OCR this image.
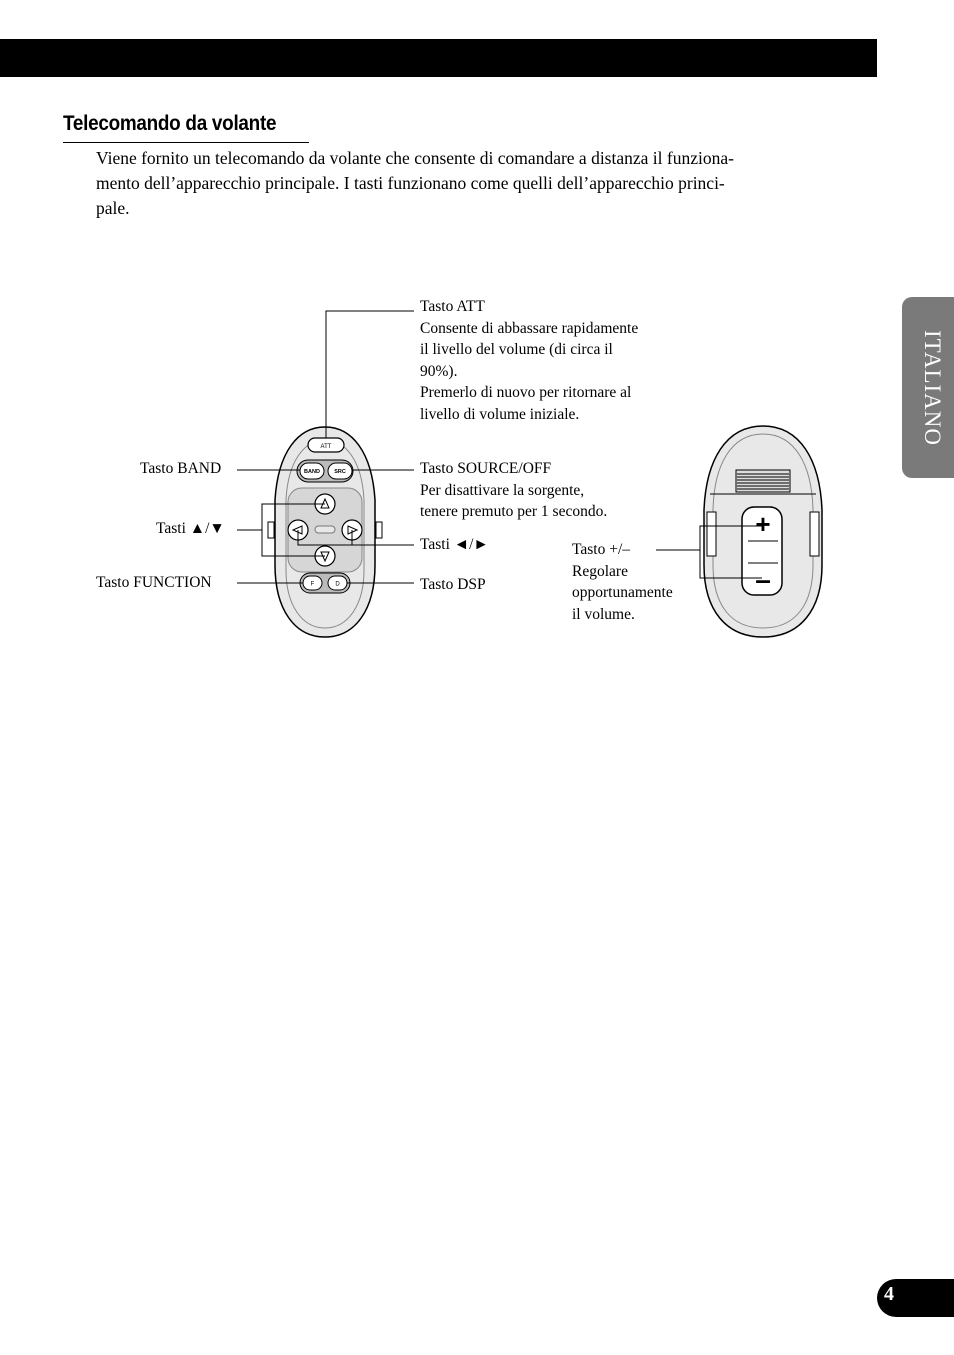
Telecomando da volante

Viene fornito un telecomando da volante che consente di comandare a distanza il funziona-

mento dell’apparecchio principale. I tasti funzionano come quelli dell’apparecchio princi-

pale.

ATT
BAND	SRC
F	D
+
–
Tasto ATT
Consente di abbassare rapidamente
il livello del volume (di circa il
90%).
Premerlo di nuovo per ritornare al
livello di volume iniziale.
Tasto BAND	Tasto SOURCE/OFF
Per disattivare la sorgente,
tenere premuto per 1 secondo.
Tasti ▲/▼
Tasti ◄/►
Tasto FUNCTION	Tasto DSP
Tasto +/–
Regolare
opportunamente
il volume.
ITALIANO
4
